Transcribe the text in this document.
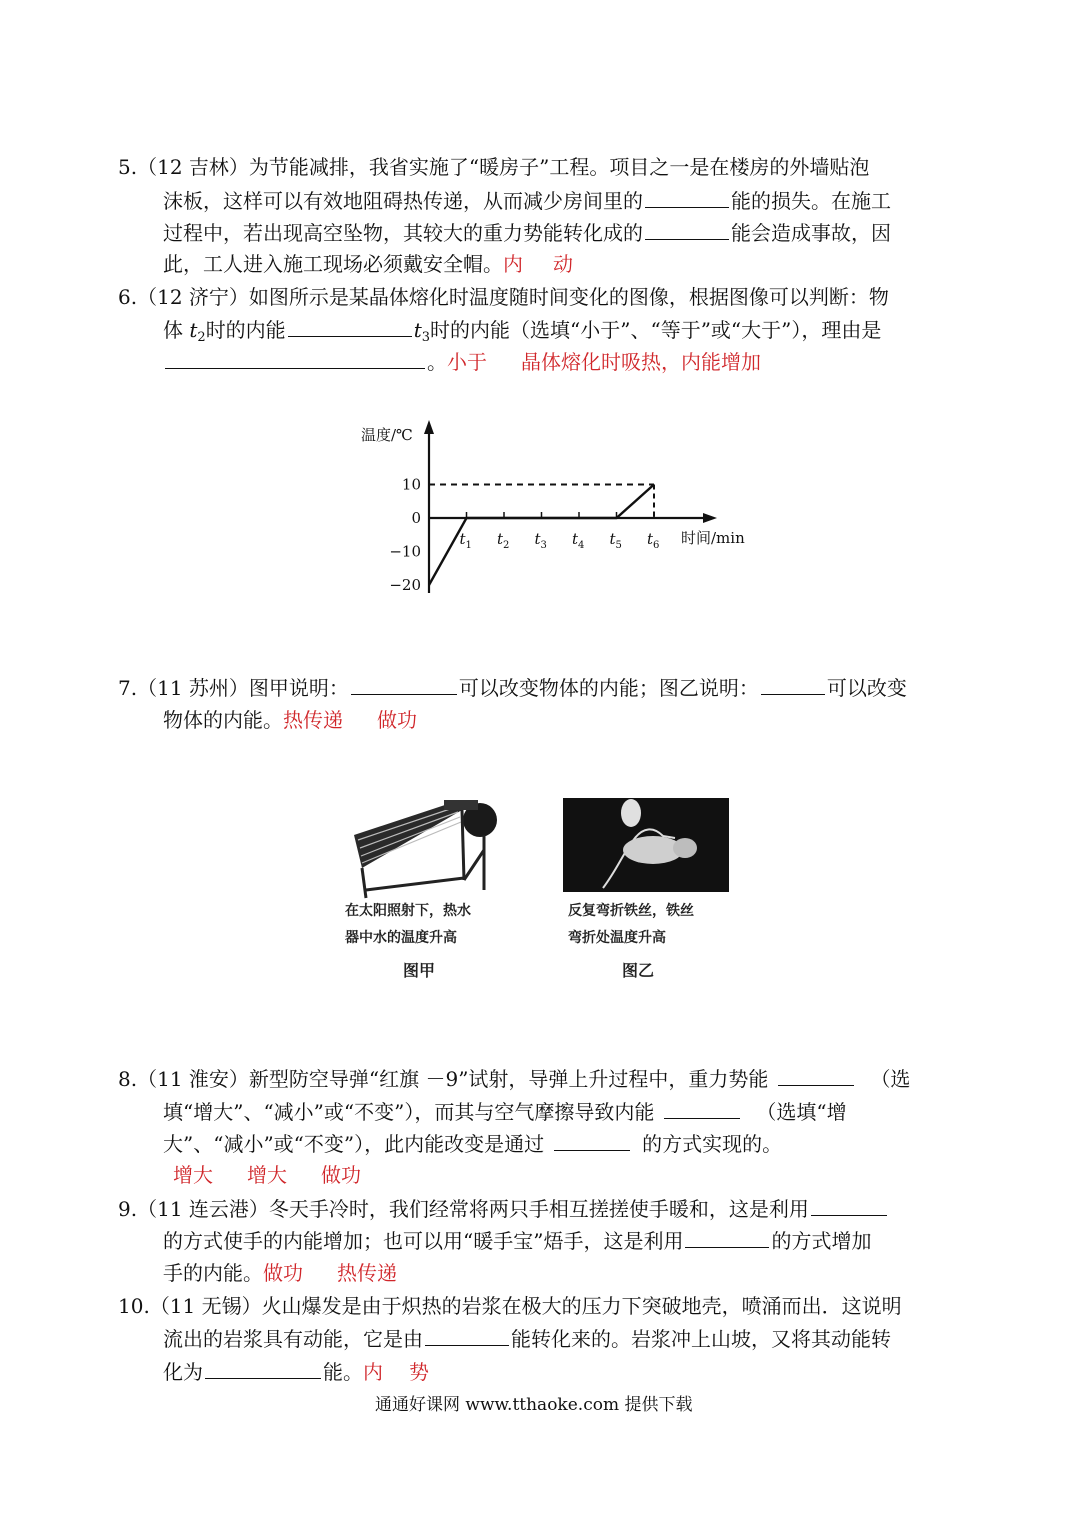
5.（12 吉林）为节能减排，我省实施了“暖房子”工程。项目之一是在楼房的外墙贴泡
沫板，这样可以有效地阻碍热传递，从而减少房间里的	能的损失。在施工
过程中，若出现高空坠物，其较大的重力势能转化成的	能会造成事故，因
此，工人进入施工现场必须戴安全帽。内 动
6.（12 济宁）如图所示是某晶体熔化时温度随时间变化的图像，根据图像可以判断：物
体 $t_2$时的内能	$t_3$时的内能（选填“小于”、“等于”或“大于”），理由是
。小于 晶体熔化时吸热，内能增加
温度/℃
时间/min
10
0
−10
−20
$t_1$ $t_2$ $t_3$ $t_4$ $t_5$ $t_6$
7.（11 苏州）图甲说明：	可以改变物体的内能；图乙说明：	可以改变
物体的内能。热传递 做功
在太阳照射下，热水
器中水的温度升高
图甲
反复弯折铁丝，铁丝
弯折处温度升高
图乙
8.（11 淮安）新型防空导弹“红旗 －9”试射，导弹上升过程中，重力势能	（选
填“增大”、“减小”或“不变”），而其与空气摩擦导致内能	（选填“增
大”、“减小”或“不变”），此内能改变是通过	的方式实现的。
增大 增大 做功
9.（11 连云港）冬天手冷时，我们经常将两只手相互搓搓使手暖和，这是利用
的方式使手的内能增加；也可以用“暖手宝”焐手，这是利用	的方式增加
手的内能。做功 热传递
10.（11 无锡）火山爆发是由于炽热的岩浆在极大的压力下突破地壳，喷涌而出．这说明
流出的岩浆具有动能，它是由	能转化来的。岩浆冲上山坡，又将其动能转
化为	能。内 势
通通好课网 www.tthaoke.com 提供下载
